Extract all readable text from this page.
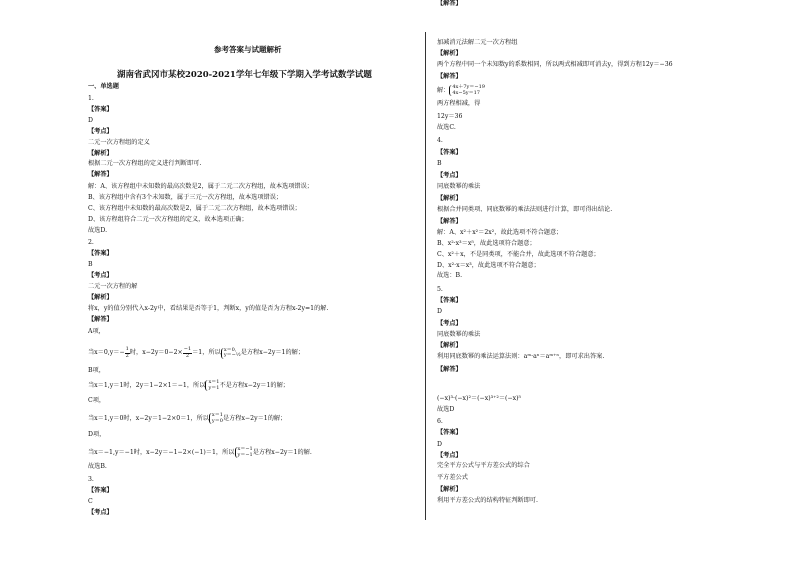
参考答案与试题解析
湖南省武冈市某校2020-2021学年七年级下学期入学考试数学试题
一、单选题
1.
【答案】
D
【考点】
二元一次方程组的定义
【解析】
根据二元一次方程组的定义进行判断即可.
【解答】
解：A、该方程组中未知数的最高次数是2，属于二元二次方程组，故本选项错误；
B、该方程组中含有3个未知数，属于三元一次方程组，故本选项错误；
C、该方程组中未知数的最高次数是2，属于二元二次方程组，故本选项错误；
D、该方程组符合二元一次方程组的定义，故本选项正确；
故选D.
2.
【答案】
B
【考点】
二元一次方程的解
【解析】
将x，y的值分别代入x-2y中，看结果是否等于1，判断x，y的值是否为方程x-2y=1的解.
【解答】
A项，
B项，
C项，
D项，
故选B.
3.
【答案】
C
【考点】
当$x=0,y=- \frac{1}{2}$ 时，$x-2y=0-2\times \frac{-1}{2} =1$，所以 x＝0,
y＝−½ 是方程x−2y＝1的解；
当x＝1,y＝1时，2y＝1−2×1＝−1，所以 x＝1
y＝1 不是方程x−2y＝1的解；
当x＝1,y＝0时，x−2y＝1−2×0＝1，所以 x＝1
y＝0 是方程x−2y＝1的解；
当x＝−1,y＝−1时，x−2y＝−1−2×(−1)＝1，所以 x＝−1
y＝−1 是方程x−2y＝1的解.
加减消元法解二元一次方程组
【解析】
两个方程中同一个未知数y的系数相同，所以两式相减即可消去y，得到方程12y＝−36
【解答】
两方程相减，得
12y＝36
故选C.
4.
【答案】
B
【考点】
同底数幂的乘法
【解析】
根据合并同类项、同底数幂的乘法法则进行计算，即可得出结论.
【解答】
解：A、x²＋x²＝2x²，故此选项不符合题意；
B、x²·x³＝x⁵，故此选项符合题意；
C、x²＋x，不是同类项，不能合并，故此选项不符合题意；
D、x²·x＝x³，故此选项不符合题意；
故选：B.
5.
【答案】
D
【考点】
同底数幂的乘法
【解析】
利用同底数幂的乘法运算法则：aᵐ·aⁿ＝aᵐ⁺ⁿ，即可求出答案.
【解答】
(−x)³·(−x)²＝(−x)³⁺²＝(−x)⁵
故选D
6.
【答案】
D
【考点】
完全平方公式与平方差公式的综合
平方差公式
【解析】
利用平方差公式的结构特征判断即可.
【解答】
解： 4x＋7y＝−19
4x−5y＝17
